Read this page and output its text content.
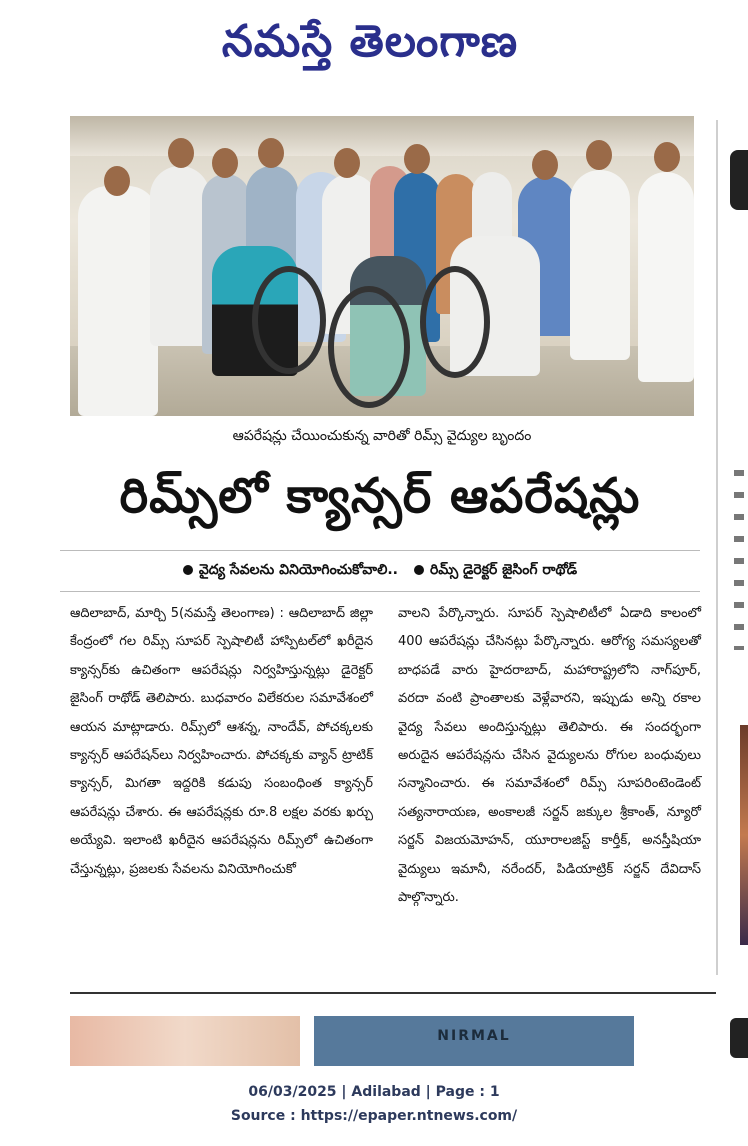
నమస్తే తెలంగాణ
ఆపరేషన్లు చేయించుకున్న వారితో రిమ్స్ వైద్యుల బృందం
రిమ్స్‌లో క్యాన్సర్ ఆపరేషన్లు
వైద్య సేవలను వినియోగించుకోవాలి..	రిమ్స్ డైరెక్టర్ జైసింగ్ రాథోడ్
ఆదిలాబాద్, మార్చి 5(నమస్తే తెలంగాణ) : ఆదిలాబాద్ జిల్లా కేంద్రంలో గల రిమ్స్ సూపర్ స్పెషాలిటీ హాస్పిటల్‌లో ఖరీదైన క్యాన్సర్‌కు ఉచితంగా ఆపరేషన్లు నిర్వహిస్తున్నట్లు డైరెక్టర్ జైసింగ్ రాథోడ్ తెలిపారు. బుధవారం విలేకరుల సమావేశంలో ఆయన మాట్లాడారు. రిమ్స్‌లో ఆశన్న, నాందేవ్, పోచక్కలకు క్యాన్సర్ ఆపరేషన్‌లు నిర్వహించారు. పోచక్కకు వ్యాన్ ట్రాటిక్ క్యాన్సర్, మిగతా ఇద్దరికి కడుపు సంబంధింత క్యాన్సర్ ఆపరేషన్లు చేశారు. ఈ ఆపరేషన్లకు రూ.8 లక్షల వరకు ఖర్చు అయ్యేవి. ఇలాంటి ఖరీదైన ఆపరేషన్లను రిమ్స్‌లో ఉచితంగా చేస్తున్నట్లు, ప్రజలకు సేవలను వినియోగించుకో
వాలని పేర్కొన్నారు. సూపర్ స్పెషాలిటీలో ఏడాది కాలంలో 400 ఆపరేషన్లు చేసినట్లు పేర్కొన్నారు. ఆరోగ్య సమస్యలతో బాధపడే వారు హైదరాబాద్, మహారాష్ట్రలోని నాగ్‌పూర్, వరదా వంటి ప్రాంతాలకు వెళ్లేవారని, ఇప్పుడు అన్ని రకాల వైద్య సేవలు అందిస్తున్నట్లు తెలిపారు. ఈ సందర్భంగా అరుదైన ఆపరేషన్లను చేసిన వైద్యులను రోగుల బంధువులు సన్మానించారు. ఈ సమావేశంలో రిమ్స్ సూపరింటెండెంట్ సత్యనారాయణ, అంకాలజీ సర్జన్ జక్కుల శ్రీకాంత్, న్యూరో సర్జన్ విజయమోహన్, యూరాలజిస్ట్ కార్తీక్, అనస్తీషియా వైద్యులు ఇమానీ, నరేందర్, పిడియాట్రిక్ సర్జన్ దేవిదాస్ పాల్గొన్నారు.
NIRMAL
06/03/2025 | Adilabad | Page : 1
Source : https://epaper.ntnews.com/
